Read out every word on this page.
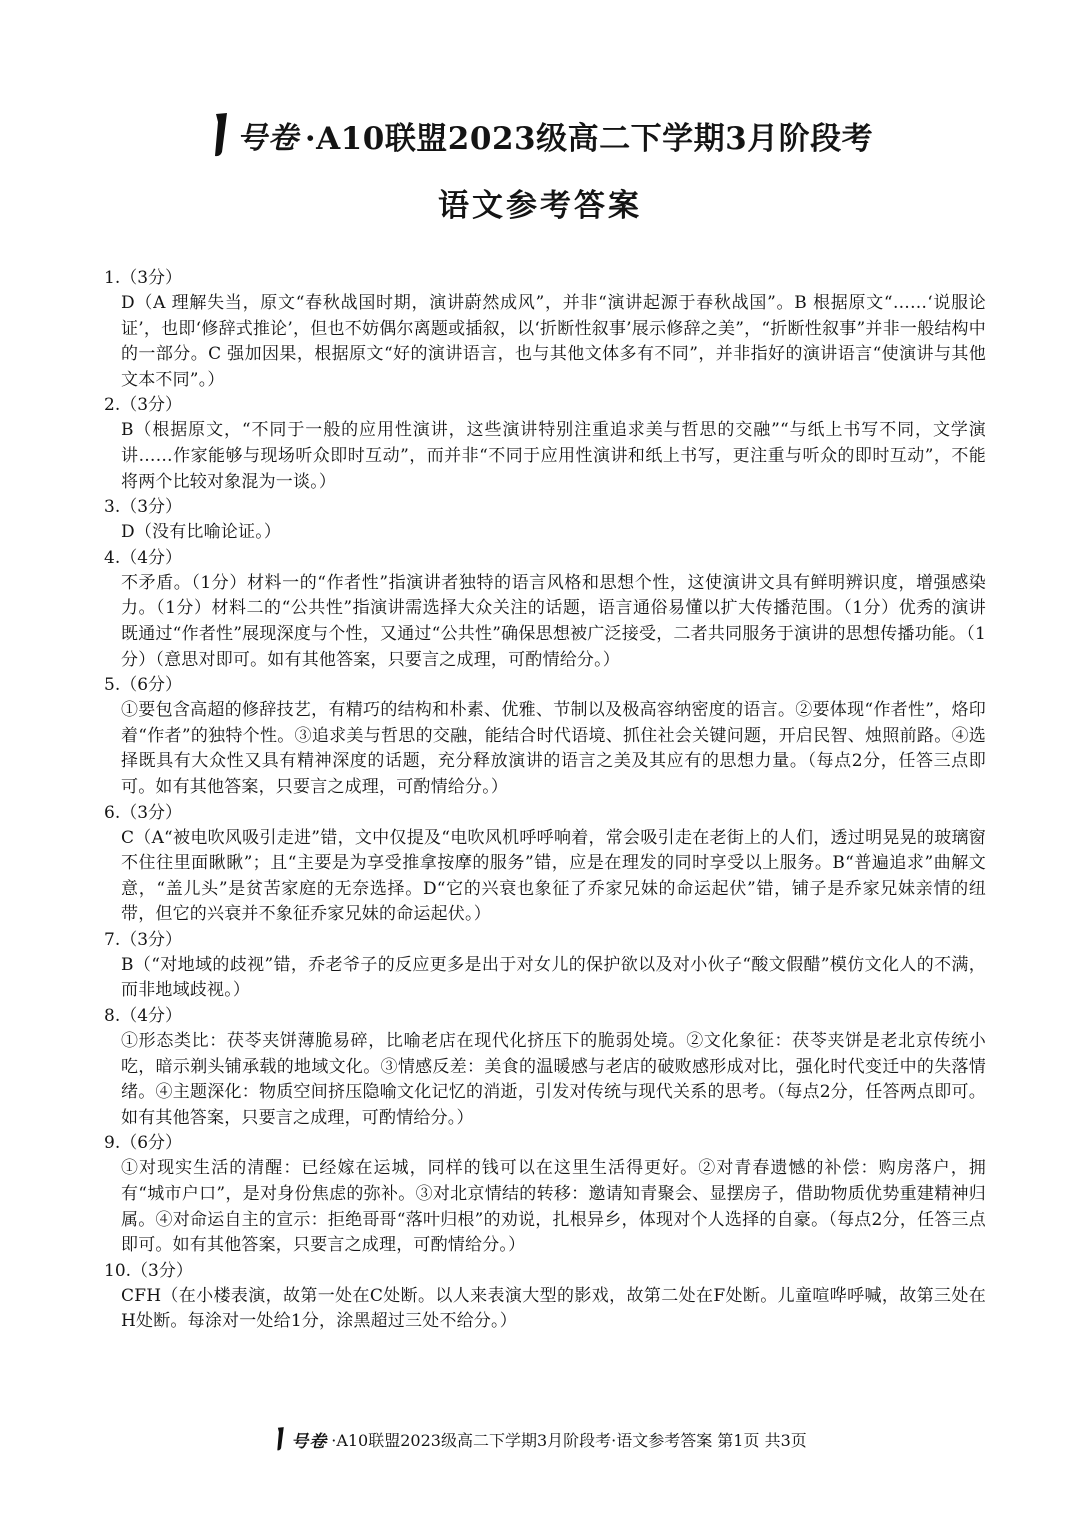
号卷 ·A10联盟2023级高二下学期3月阶段考
语文参考答案
1.（3分）
D（A 理解失当，原文“春秋战国时期，演讲蔚然成风”，并非“演讲起源于春秋战国”。B 根据原文“……‘说服论证’，也即‘修辞式推论’，但也不妨偶尔离题或插叙，以‘折断性叙事’展示修辞之美”，“折断性叙事”并非一般结构中的一部分。C 强加因果，根据原文“好的演讲语言，也与其他文体多有不同”，并非指好的演讲语言“使演讲与其他文本不同”。）
2.（3分）
B（根据原文，“不同于一般的应用性演讲，这些演讲特别注重追求美与哲思的交融”“与纸上书写不同，文学演讲……作家能够与现场听众即时互动”，而并非“不同于应用性演讲和纸上书写，更注重与听众的即时互动”，不能将两个比较对象混为一谈。）
3.（3分）
D（没有比喻论证。）
4.（4分）
不矛盾。（1分）材料一的“作者性”指演讲者独特的语言风格和思想个性，这使演讲文具有鲜明辨识度，增强感染力。（1分）材料二的“公共性”指演讲需选择大众关注的话题，语言通俗易懂以扩大传播范围。（1分）优秀的演讲既通过“作者性”展现深度与个性，又通过“公共性”确保思想被广泛接受，二者共同服务于演讲的思想传播功能。（1分）（意思对即可。如有其他答案，只要言之成理，可酌情给分。）
5.（6分）
①要包含高超的修辞技艺，有精巧的结构和朴素、优雅、节制以及极高容纳密度的语言。②要体现“作者性”，烙印着“作者”的独特个性。③追求美与哲思的交融，能结合时代语境、抓住社会关键问题，开启民智、烛照前路。④选择既具有大众性又具有精神深度的话题，充分释放演讲的语言之美及其应有的思想力量。（每点2分，任答三点即可。如有其他答案，只要言之成理，可酌情给分。）
6.（3分）
C（A“被电吹风吸引走进”错，文中仅提及“电吹风机呼呼响着，常会吸引走在老街上的人们，透过明晃晃的玻璃窗不住往里面瞅瞅”；且“主要是为享受推拿按摩的服务”错，应是在理发的同时享受以上服务。B“普遍追求”曲解文意，“盖儿头”是贫苦家庭的无奈选择。D“它的兴衰也象征了乔家兄妹的命运起伏”错，铺子是乔家兄妹亲情的纽带，但它的兴衰并不象征乔家兄妹的命运起伏。）
7.（3分）
B（“对地域的歧视”错，乔老爷子的反应更多是出于对女儿的保护欲以及对小伙子“酸文假醋”模仿文化人的不满，而非地域歧视。）
8.（4分）
①形态类比：茯苓夹饼薄脆易碎，比喻老店在现代化挤压下的脆弱处境。②文化象征：茯苓夹饼是老北京传统小吃，暗示剃头铺承载的地域文化。③情感反差：美食的温暖感与老店的破败感形成对比，强化时代变迁中的失落情绪。④主题深化：物质空间挤压隐喻文化记忆的消逝，引发对传统与现代关系的思考。（每点2分，任答两点即可。如有其他答案，只要言之成理，可酌情给分。）
9.（6分）
①对现实生活的清醒：已经嫁在运城，同样的钱可以在这里生活得更好。②对青春遗憾的补偿：购房落户，拥有“城市户口”，是对身份焦虑的弥补。③对北京情结的转移：邀请知青聚会、显摆房子，借助物质优势重建精神归属。④对命运自主的宣示：拒绝哥哥“落叶归根”的劝说，扎根异乡，体现对个人选择的自豪。（每点2分，任答三点即可。如有其他答案，只要言之成理，可酌情给分。）
10.（3分）
CFH（在小楼表演，故第一处在C处断。以人来表演大型的影戏，故第二处在F处断。儿童喧哗呼喊，故第三处在H处断。每涂对一处给1分，涂黑超过三处不给分。）
号卷 ·A10联盟2023级高二下学期3月阶段考·语文参考答案 第1页 共3页
